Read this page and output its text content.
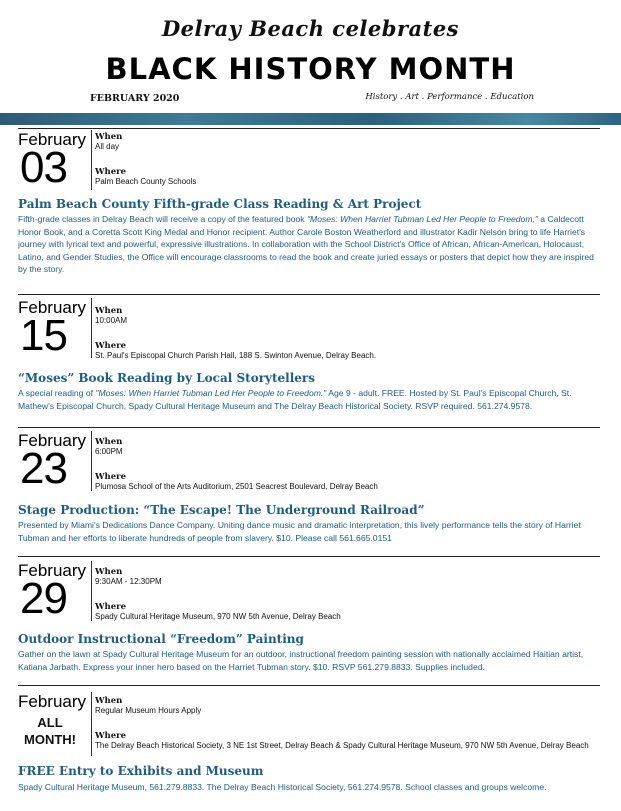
Delray Beach celebrates
BLACK HISTORY MONTH
FEBRUARY 2020	History . Art . Performance . Education
February
03
When
All day
Where
Palm Beach County Schools
Palm Beach County Fifth-grade Class Reading & Art Project
Fifth-grade classes in Delray Beach will receive a copy of the featured book "Moses: When Harriet Tubman Led Her People to Freedom," a Caldecott Honor Book, and a Coretta Scott King Medal and Honor recipient. Author Carole Boston Weatherford and illustrator Kadir Nelson bring to life Harriet's journey with lyrical text and powerful, expressive illustrations. In collaboration with the School District's Office of African, African-American, Holocaust, Latino, and Gender Studies, the Office will encourage classrooms to read the book and create juried essays or posters that depict how they are inspired by the story.
February
15	When
10:00AM
Where
St. Paul's Episcopal Church Parish Hall, 188 S. Swinton Avenue, Delray Beach.
“Moses” Book Reading by Local Storytellers
A special reading of "Moses: When Harriet Tubman Led Her People to Freedom." Age 9 - adult. FREE. Hosted by St. Paul's Episcopal Church, St. Mathew's Episcopal Church, Spady Cultural Heritage Museum and The Delray Beach Historical Society. RSVP required. 561.274.9578.
February
23
When
6:00PM
Where
Plumosa School of the Arts Auditorium, 2501 Seacrest Boulevard, Delray Beach
Stage Production: “The Escape! The Underground Railroad”
Presented by Miami's Dedications Dance Company. Uniting dance music and dramatic interpretation, this lively performance tells the story of Harriet Tubman and her efforts to liberate hundreds of people from slavery. $10. Please call 561.665.0151
February
29
When
9:30AM - 12:30PM
Where
Spady Cultural Heritage Museum, 970 NW 5th Avenue, Delray Beach
Outdoor Instructional “Freedom” Painting
Gather on the lawn at Spady Cultural Heritage Museum for an outdoor, instructional freedom painting session with nationally acclaimed Haitian artist, Katiana Jarbath. Express your inner hero based on the Harriet Tubman story. $10. RSVP 561.279.8833. Supplies included.
February
ALL
MONTH!
When
Regular Museum Hours Apply
Where
The Delray Beach Historical Society, 3 NE 1st Street, Delray Beach & Spady Cultural Heritage Museum, 970 NW 5th Avenue, Delray Beach
FREE Entry to Exhibits and Museum
Spady Cultural Heritage Museum, 561.279.8833. The Delray Beach Historical Society, 561.274.9578. School classes and groups welcome.
